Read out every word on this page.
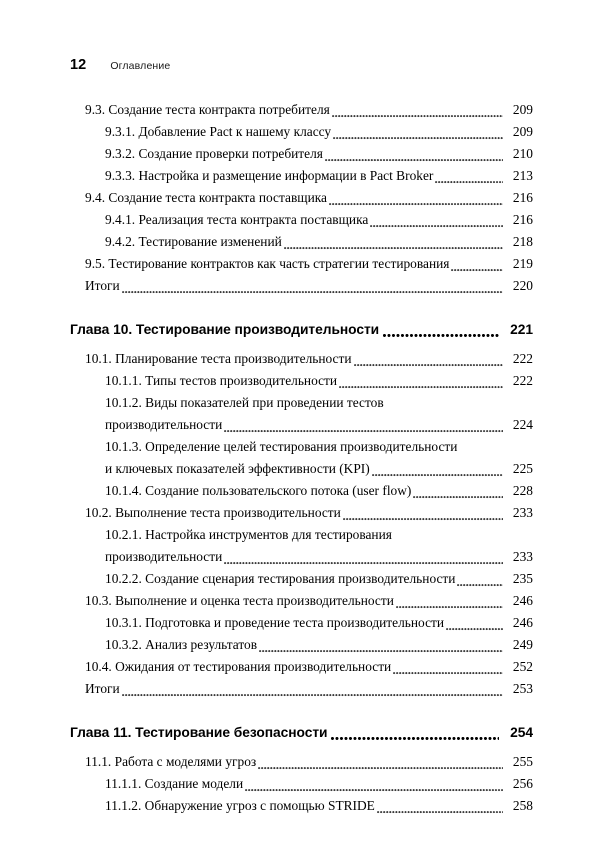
12 Оглавление
9.3. Создание теста контракта потребителя	209
9.3.1. Добавление Pact к нашему классу	209
9.3.2. Создание проверки потребителя	210
9.3.3. Настройка и размещение информации в Pact Broker	213
9.4. Создание теста контракта поставщика	216
9.4.1. Реализация теста контракта поставщика	216
9.4.2. Тестирование изменений	218
9.5. Тестирование контрактов как часть стратегии тестирования	219
Итоги	220
Глава 10. Тестирование производительности	221
10.1. Планирование теста производительности	222
10.1.1. Типы тестов производительности	222
10.1.2. Виды показателей при проведении тестов
производительности	224
10.1.3. Определение целей тестирования производительности
и ключевых показателей эффективности (KPI)	225
10.1.4. Создание пользовательского потока (user flow)	228
10.2. Выполнение теста производительности	233
10.2.1. Настройка инструментов для тестирования
производительности	233
10.2.2. Создание сценария тестирования производительности	235
10.3. Выполнение и оценка теста производительности	246
10.3.1. Подготовка и проведение теста производительности	246
10.3.2. Анализ результатов	249
10.4. Ожидания от тестирования производительности	252
Итоги	253
Глава 11. Тестирование безопасности	254
11.1. Работа с моделями угроз	255
11.1.1. Создание модели	256
11.1.2. Обнаружение угроз с помощью STRIDE	258
